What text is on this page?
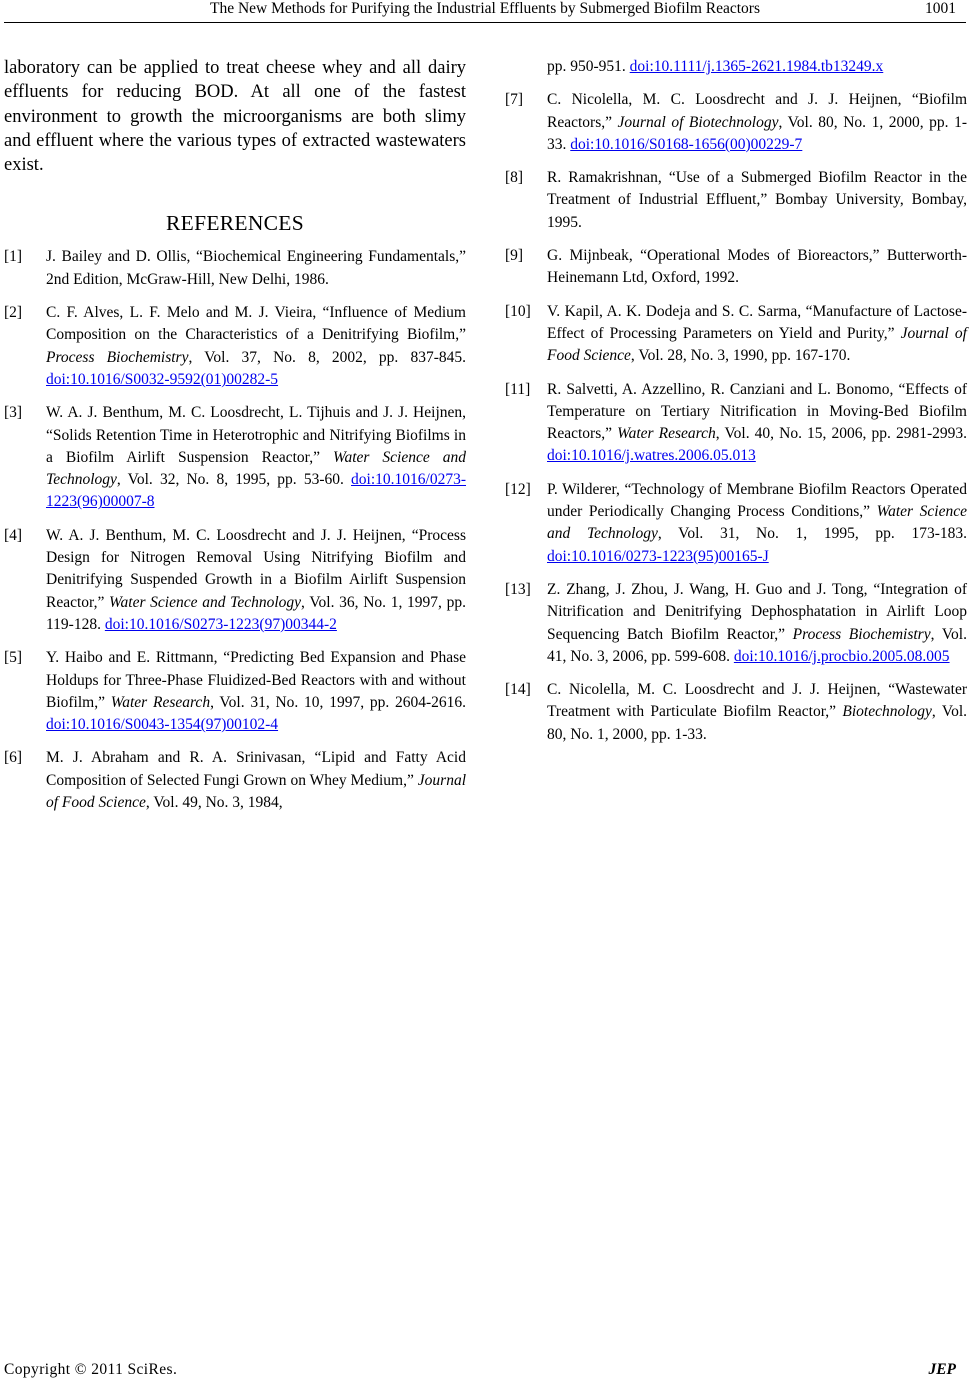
The New Methods for Purifying the Industrial Effluents by Submerged Biofilm Reactors	1001

laboratory can be applied to treat cheese whey and all dairy effluents for reducing BOD. At all one of the fastest environment to growth the microorganisms are both slimy and effluent where the various types of extracted wastewaters exist.

REFERENCES
[1] J. Bailey and D. Ollis, “Biochemical Engineering Fundamentals,” 2nd Edition, McGraw-Hill, New Delhi, 1986.
[2] C. F. Alves, L. F. Melo and M. J. Vieira, “Influence of Medium Composition on the Characteristics of a Denitrifying Biofilm,” Process Biochemistry, Vol. 37, No. 8, 2002, pp. 837-845. doi:10.1016/S0032-9592(01)00282-5
[3] W. A. J. Benthum, M. C. Loosdrecht, L. Tijhuis and J. J. Heijnen, “Solids Retention Time in Heterotrophic and Nitrifying Biofilms in a Biofilm Airlift Suspension Reactor,” Water Science and Technology, Vol. 32, No. 8, 1995, pp. 53-60. doi:10.1016/0273-1223(96)00007-8
[4] W. A. J. Benthum, M. C. Loosdrecht and J. J. Heijnen, “Process Design for Nitrogen Removal Using Nitrifying Biofilm and Denitrifying Suspended Growth in a Biofilm Airlift Suspension Reactor,” Water Science and Technology, Vol. 36, No. 1, 1997, pp. 119-128. doi:10.1016/S0273-1223(97)00344-2
[5] Y. Haibo and E. Rittmann, “Predicting Bed Expansion and Phase Holdups for Three-Phase Fluidized-Bed Reactors with and without Biofilm,” Water Research, Vol. 31, No. 10, 1997, pp. 2604-2616. doi:10.1016/S0043-1354(97)00102-4
[6] M. J. Abraham and R. A. Srinivasan, “Lipid and Fatty Acid Composition of Selected Fungi Grown on Whey Medium,” Journal of Food Science, Vol. 49, No. 3, 1984,
pp. 950-951. doi:10.1111/j.1365-2621.1984.tb13249.x
[7] C. Nicolella, M. C. Loosdrecht and J. J. Heijnen, “Biofilm Reactors,” Journal of Biotechnology, Vol. 80, No. 1, 2000, pp. 1-33. doi:10.1016/S0168-1656(00)00229-7
[8] R. Ramakrishnan, “Use of a Submerged Biofilm Reactor in the Treatment of Industrial Effluent,” Bombay University, Bombay, 1995.
[9] G. Mijnbeak, “Operational Modes of Bioreactors,” Butterworth-Heinemann Ltd, Oxford, 1992.
[10] V. Kapil, A. K. Dodeja and S. C. Sarma, “Manufacture of Lactose-Effect of Processing Parameters on Yield and Purity,” Journal of Food Science, Vol. 28, No. 3, 1990, pp. 167-170.
[11] R. Salvetti, A. Azzellino, R. Canziani and L. Bonomo, “Effects of Temperature on Tertiary Nitrification in Moving-Bed Biofilm Reactors,” Water Research, Vol. 40, No. 15, 2006, pp. 2981-2993. doi:10.1016/j.watres.2006.05.013
[12] P. Wilderer, “Technology of Membrane Biofilm Reactors Operated under Periodically Changing Process Conditions,” Water Science and Technology, Vol. 31, No. 1, 1995, pp. 173-183. doi:10.1016/0273-1223(95)00165-J
[13] Z. Zhang, J. Zhou, J. Wang, H. Guo and J. Tong, “Integration of Nitrification and Denitrifying Dephosphatation in Airlift Loop Sequencing Batch Biofilm Reactor,” Process Biochemistry, Vol. 41, No. 3, 2006, pp. 599-608. doi:10.1016/j.procbio.2005.08.005
[14] C. Nicolella, M. C. Loosdrecht and J. J. Heijnen, “Wastewater Treatment with Particulate Biofilm Reactor,” Biotechnology, Vol. 80, No. 1, 2000, pp. 1-33.
Copyright © 2011 SciRes.	JEP
